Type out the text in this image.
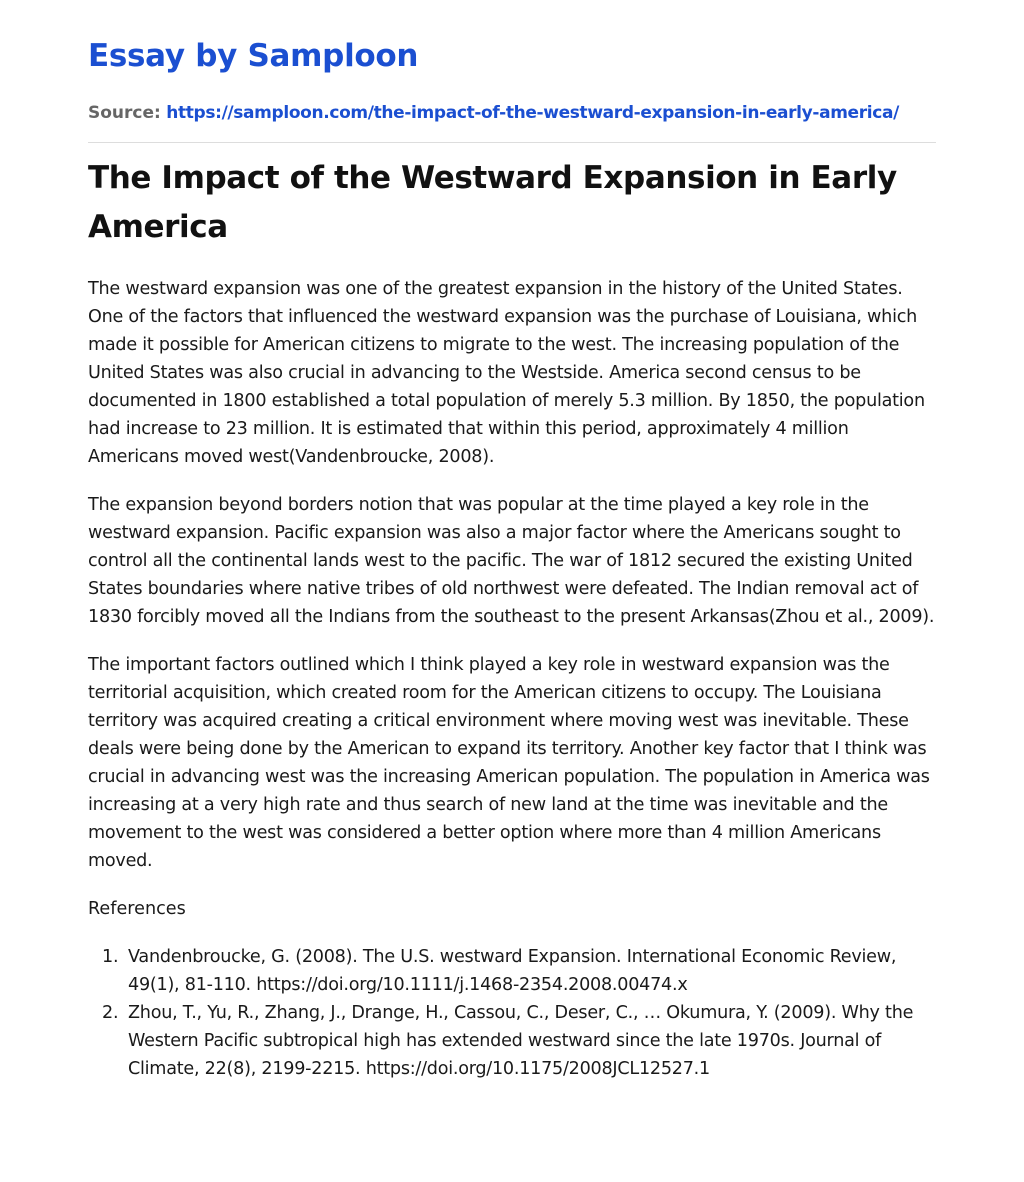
Essay by Samploon
Source: https://samploon.com/the-impact-of-the-westward-expansion-in-early-america/
The Impact of the Westward Expansion in Early America

The westward expansion was one of the greatest expansion in the history of the United States. One of the factors that influenced the westward expansion was the purchase of Louisiana, which made it possible for American citizens to migrate to the west. The increasing population of the United States was also crucial in advancing to the Westside. America second census to be documented in 1800 established a total population of merely 5.3 million. By 1850, the population had increase to 23 million. It is estimated that within this period, approximately 4 million Americans moved west(Vandenbroucke, 2008).

The expansion beyond borders notion that was popular at the time played a key role in the westward expansion. Pacific expansion was also a major factor where the Americans sought to control all the continental lands west to the pacific. The war of 1812 secured the existing United States boundaries where native tribes of old northwest were defeated. The Indian removal act of 1830 forcibly moved all the Indians from the southeast to the present Arkansas(Zhou et al., 2009).

The important factors outlined which I think played a key role in westward expansion was the territorial acquisition, which created room for the American citizens to occupy. The Louisiana territory was acquired creating a critical environment where moving west was inevitable. These deals were being done by the American to expand its territory. Another key factor that I think was crucial in advancing west was the increasing American population. The population in America was increasing at a very high rate and thus search of new land at the time was inevitable and the movement to the west was considered a better option where more than 4 million Americans moved.

References

1. Vandenbroucke, G. (2008). The U.S. westward Expansion. International Economic Review, 49(1), 81-110. https://doi.org/10.1111/j.1468-2354.2008.00474.x
2. Zhou, T., Yu, R., Zhang, J., Drange, H., Cassou, C., Deser, C., … Okumura, Y. (2009). Why the Western Pacific subtropical high has extended westward since the late 1970s. Journal of Climate, 22(8), 2199-2215. https://doi.org/10.1175/2008JCL12527.1
